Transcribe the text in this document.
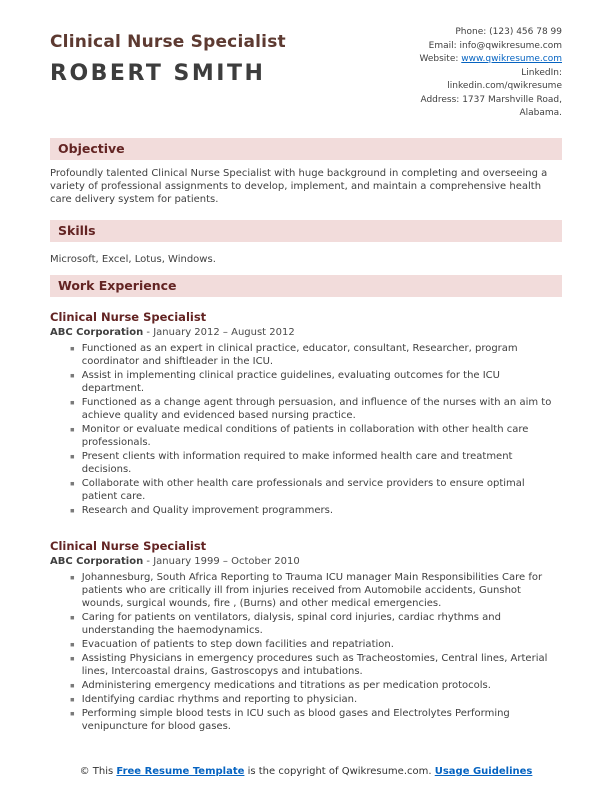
Clinical Nurse Specialist
ROBERT SMITH
Phone: (123) 456 78 99
Email: info@qwikresume.com
Website: www.qwikresume.com
LinkedIn:
linkedin.com/qwikresume
Address: 1737 Marshville Road,
Alabama.
Objective

Profoundly talented Clinical Nurse Specialist with huge background in completing and overseeing a variety of professional assignments to develop, implement, and maintain a comprehensive health care delivery system for patients.

Skills

Microsoft, Excel, Lotus, Windows.

Work Experience
Clinical Nurse Specialist
ABC Corporation - January 2012 – August 2012
▪ Functioned as an expert in clinical practice, educator, consultant, Researcher, program coordinator and shiftleader in the ICU.
▪ Assist in implementing clinical practice guidelines, evaluating outcomes for the ICU department.
▪ Functioned as a change agent through persuasion, and influence of the nurses with an aim to achieve quality and evidenced based nursing practice.
▪ Monitor or evaluate medical conditions of patients in collaboration with other health care professionals.
▪ Present clients with information required to make informed health care and treatment decisions.
▪ Collaborate with other health care professionals and service providers to ensure optimal patient care.
▪ Research and Quality improvement programmers.
Clinical Nurse Specialist
ABC Corporation - January 1999 – October 2010
▪ Johannesburg, South Africa Reporting to Trauma ICU manager Main Responsibilities Care for patients who are critically ill from injuries received from Automobile accidents, Gunshot wounds, surgical wounds, fire , (Burns) and other medical emergencies.
▪ Caring for patients on ventilators, dialysis, spinal cord injuries, cardiac rhythms and understanding the haemodynamics.
▪ Evacuation of patients to step down facilities and repatriation.
▪ Assisting Physicians in emergency procedures such as Tracheostomies, Central lines, Arterial lines, Intercoastal drains, Gastroscopys and intubations.
▪ Administering emergency medications and titrations as per medication protocols.
▪ Identifying cardiac rhythms and reporting to physician.
▪ Performing simple blood tests in ICU such as blood gases and Electrolytes Performing venipuncture for blood gases.
© This Free Resume Template is the copyright of Qwikresume.com. Usage Guidelines
